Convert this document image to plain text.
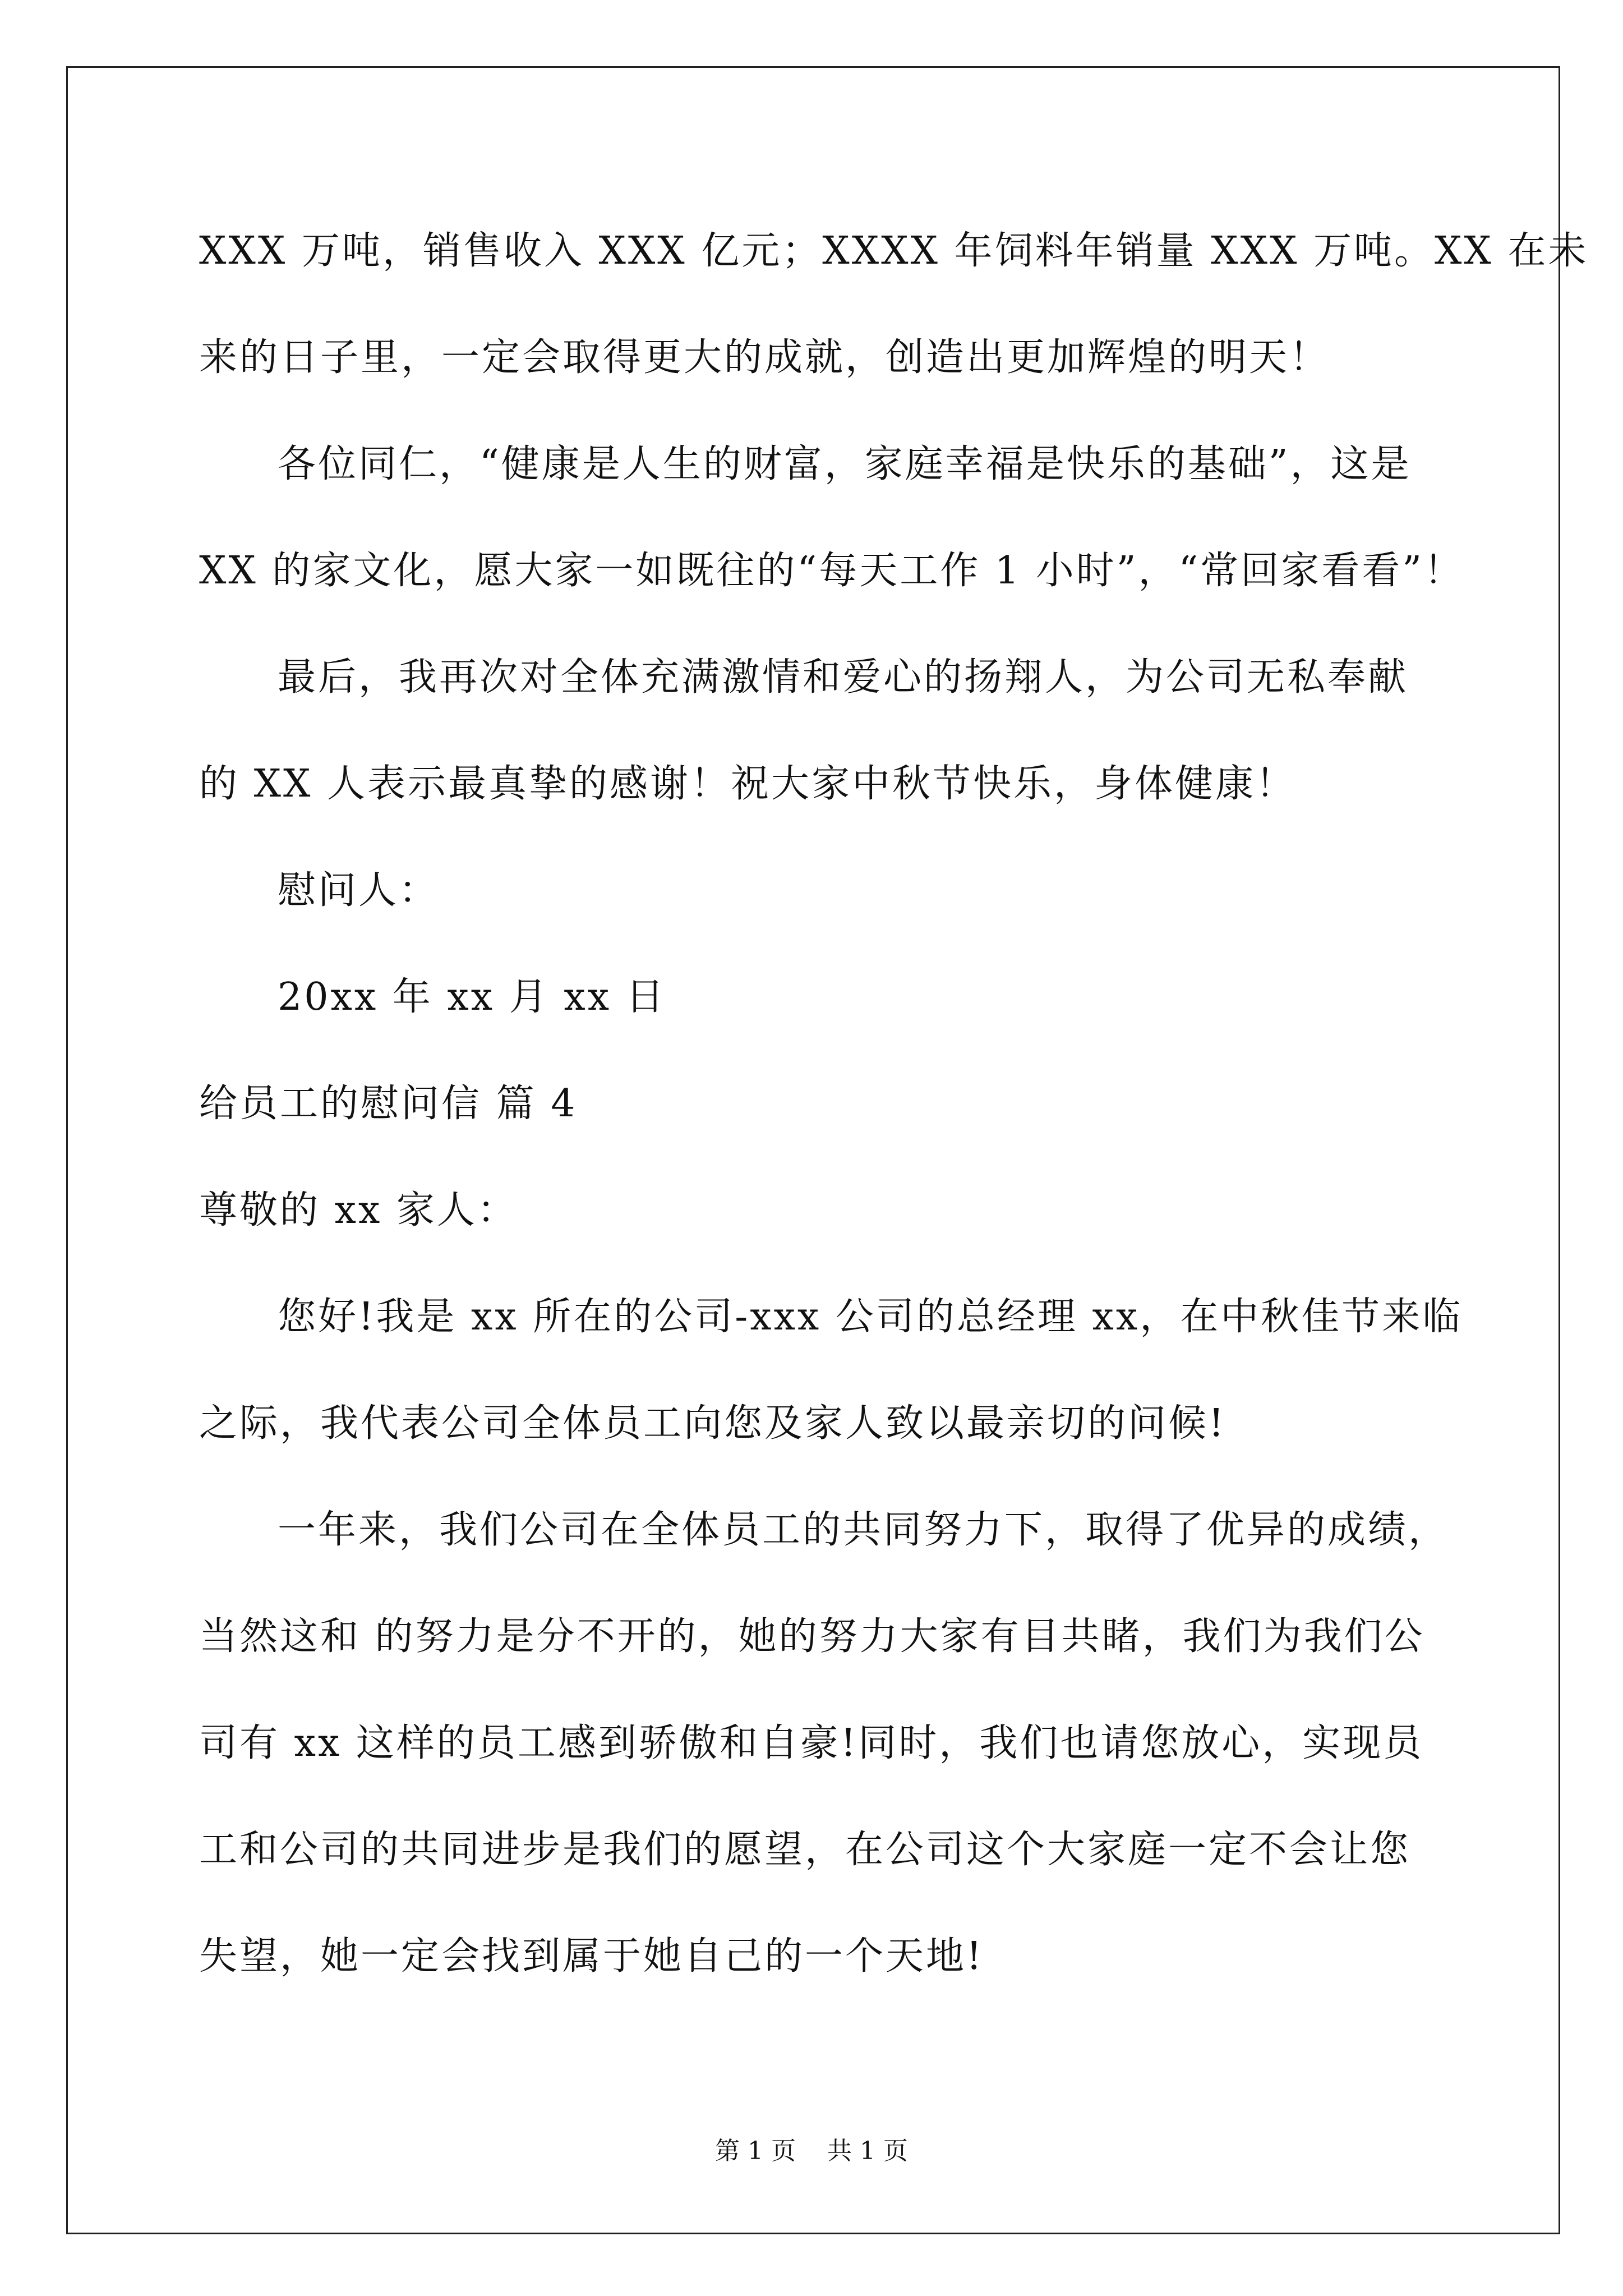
XXX 万吨，销售收入 XXX 亿元；XXXX 年饲料年销量 XXX 万吨。XX 在未
来的日子里，一定会取得更大的成就，创造出更加辉煌的明天！
各位同仁，“健康是人生的财富，家庭幸福是快乐的基础”，这是
XX 的家文化，愿大家一如既往的“每天工作 1 小时”，“常回家看看”！
最后，我再次对全体充满激情和爱心的扬翔人，为公司无私奉献
的 XX 人表示最真挚的感谢！祝大家中秋节快乐，身体健康！
慰问人：
20xx 年 xx 月 xx 日
给员工的慰问信 篇 4
尊敬的 xx 家人：
您好!我是 xx 所在的公司-xxx 公司的总经理 xx，在中秋佳节来临
之际，我代表公司全体员工向您及家人致以最亲切的问候!
一年来，我们公司在全体员工的共同努力下，取得了优异的成绩，
当然这和 的努力是分不开的，她的努力大家有目共睹，我们为我们公
司有 xx 这样的员工感到骄傲和自豪!同时，我们也请您放心，实现员
工和公司的共同进步是我们的愿望，在公司这个大家庭一定不会让您
失望，她一定会找到属于她自己的一个天地!
第 1 页    共 1 页
